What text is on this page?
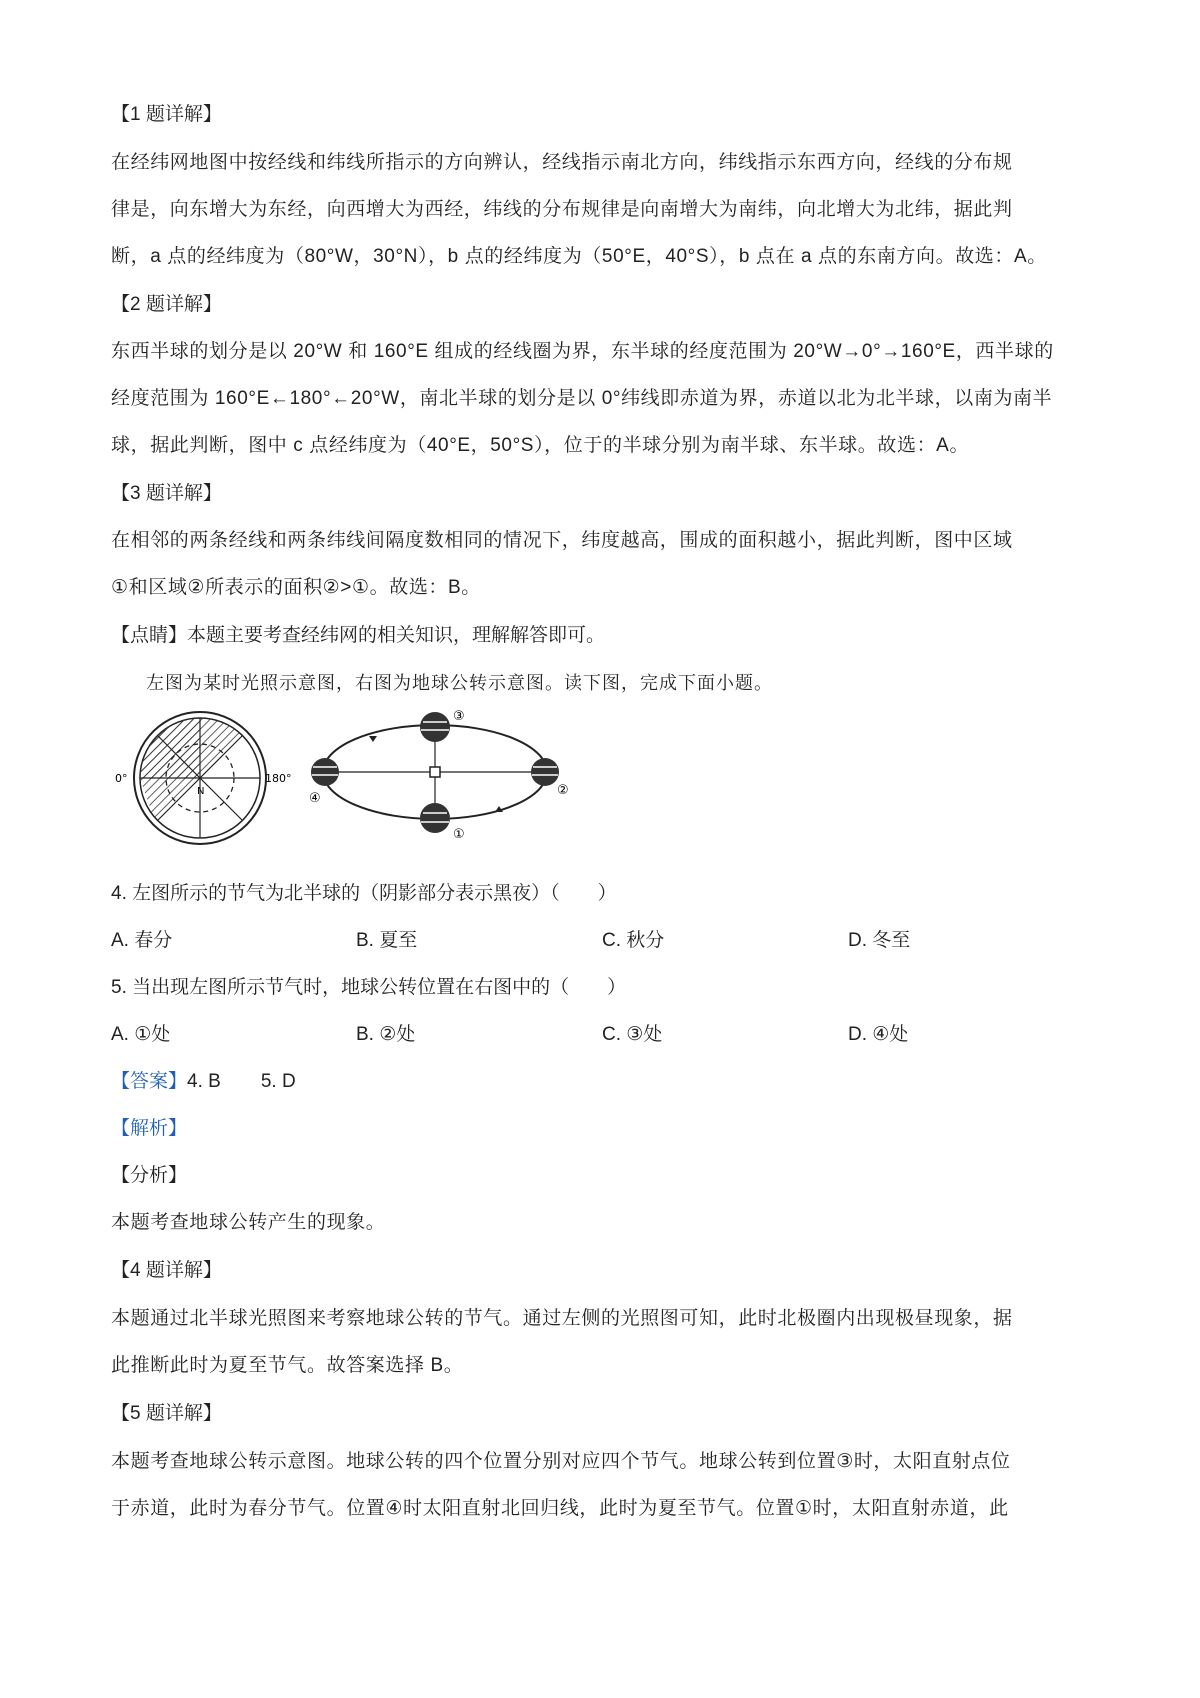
【1 题详解】
在经纬网地图中按经线和纬线所指示的方向辨认，经线指示南北方向，纬线指示东西方向，经线的分布规
律是，向东增大为东经，向西增大为西经，纬线的分布规律是向南增大为南纬，向北增大为北纬，据此判
断，a 点的经纬度为（80°W，30°N），b 点的经纬度为（50°E，40°S），b 点在 a 点的东南方向。故选：A。
【2 题详解】
东西半球的划分是以 20°W 和 160°E 组成的经线圈为界，东半球的经度范围为 20°W→0°→160°E，西半球的
经度范围为 160°E←180°←20°W，南北半球的划分是以 0°纬线即赤道为界，赤道以北为北半球，以南为南半
球，据此判断，图中 c 点经纬度为（40°E，50°S），位于的半球分别为南半球、东半球。故选：A。
【3 题详解】
在相邻的两条经线和两条纬线间隔度数相同的情况下，纬度越高，围成的面积越小，据此判断，图中区域
①和区域②所表示的面积②>①。故选：B。
【点睛】本题主要考查经纬网的相关知识，理解解答即可。
左图为某时光照示意图，右图为地球公转示意图。读下图，完成下面小题。
0°	180°
N
③
②
④
①
4. 左图所示的节气为北半球的（阴影部分表示黑夜）（　　）
A. 春分	B. 夏至	C. 秋分	D. 冬至
5. 当出现左图所示节气时，地球公转位置在右图中的（　　）
A. ①处	B. ②处	C. ③处	D. ④处
【答案】4. B 5. D
【解析】
【分析】
本题考查地球公转产生的现象。
【4 题详解】
本题通过北半球光照图来考察地球公转的节气。通过左侧的光照图可知，此时北极圈内出现极昼现象，据
此推断此时为夏至节气。故答案选择 B。
【5 题详解】
本题考查地球公转示意图。地球公转的四个位置分别对应四个节气。地球公转到位置③时，太阳直射点位
于赤道，此时为春分节气。位置④时太阳直射北回归线，此时为夏至节气。位置①时，太阳直射赤道，此
